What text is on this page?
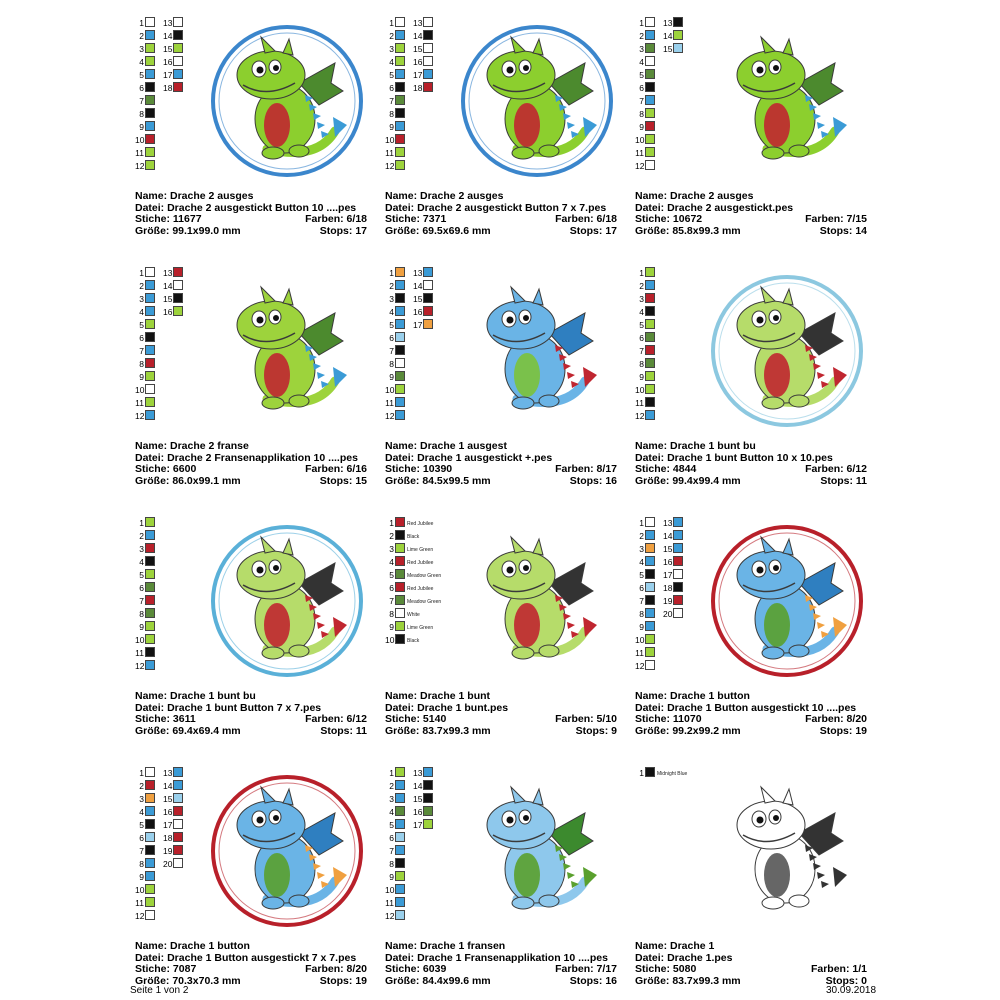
1
2
3
4
5
6
7
8
9
10
11
12
13
14
15
16
17
18
Name: Drache 2 ausges
Datei: Drache 2 ausgestickt Button 10 ....pes
Stiche: 11677	Farben: 6/18
Größe: 99.1x99.0 mm	Stops: 17
1
2
3
4
5
6
7
8
9
10
11
12
13
14
15
16
17
18
Name: Drache 2 ausges
Datei: Drache 2 ausgestickt Button 7 x 7.pes
Stiche: 7371	Farben: 6/18
Größe: 69.5x69.6 mm	Stops: 17
1
2
3
4
5
6
7
8
9
10
11
12
13
14
15
Name: Drache 2 ausges
Datei: Drache 2 ausgestickt.pes
Stiche: 10672	Farben: 7/15
Größe: 85.8x99.3 mm	Stops: 14
1
2
3
4
5
6
7
8
9
10
11
12
13
14
15
16
Name: Drache 2 franse
Datei: Drache 2 Fransenapplikation 10 ....pes
Stiche: 6600	Farben: 6/16
Größe: 86.0x99.1 mm	Stops: 15
1
2
3
4
5
6
7
8
9
10
11
12
13
14
15
16
17
Name: Drache 1 ausgest
Datei: Drache 1 ausgestickt +.pes
Stiche: 10390	Farben: 8/17
Größe: 84.5x99.5 mm	Stops: 16
1
2
3
4
5
6
7
8
9
10
11
12
Name: Drache 1 bunt bu
Datei: Drache 1 bunt Button 10 x 10.pes
Stiche: 4844	Farben: 6/12
Größe: 99.4x99.4 mm	Stops: 11
1
2
3
4
5
6
7
8
9
10
11
12
Name: Drache 1 bunt bu
Datei: Drache 1 bunt Button 7 x 7.pes
Stiche: 3611	Farben: 6/12
Größe: 69.4x69.4 mm	Stops: 11
1	Red Jubilee
2	Black
3	Lime Green
4	Red Jubilee
5	Meadow Green
6	Red Jubilee
7	Meadow Green
8	White
9	Lime Green
10	Black
Name: Drache 1 bunt
Datei: Drache 1 bunt.pes
Stiche: 5140	Farben: 5/10
Größe: 83.7x99.3 mm	Stops: 9
1
2
3
4
5
6
7
8
9
10
11
12
13
14
15
16
17
18
19
20
Name: Drache 1 button
Datei: Drache 1 Button ausgestickt 10 ....pes
Stiche: 11070	Farben: 8/20
Größe: 99.2x99.2 mm	Stops: 19
1
2
3
4
5
6
7
8
9
10
11
12
13
14
15
16
17
18
19
20
Name: Drache 1 button
Datei: Drache 1 Button ausgestickt 7 x 7.pes
Stiche: 7087	Farben: 8/20
Größe: 70.3x70.3 mm	Stops: 19
1
2
3
4
5
6
7
8
9
10
11
12
13
14
15
16
17
Name: Drache 1 fransen
Datei: Drache 1 Fransenapplikation 10 ....pes
Stiche: 6039	Farben: 7/17
Größe: 84.4x99.6 mm	Stops: 16
1	Midnight Blue
Name: Drache 1
Datei: Drache 1.pes
Stiche: 5080	Farben: 1/1
Größe: 83.7x99.3 mm	Stops: 0
Seite 1 von 2	30.09.2018
